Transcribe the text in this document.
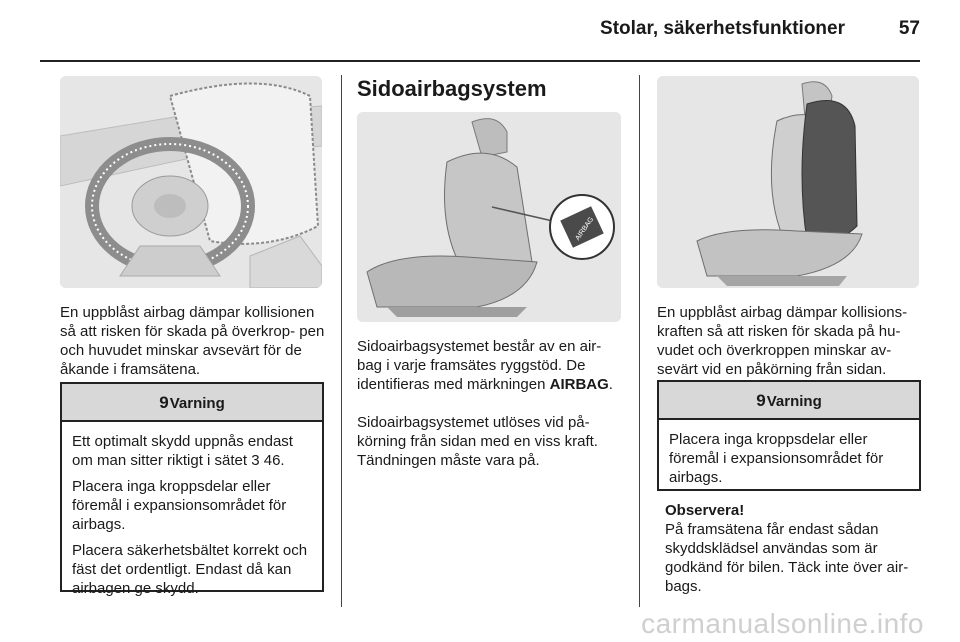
Stolar, säkerhetsfunktioner	57

En uppblåst airbag dämpar kollisionen så att risken för skada på överkrop- pen och huvudet minskar avsevärt för de åkande i framsätena.

9Varning

Ett optimalt skydd uppnås endast om man sitter riktigt i sätet 3 46.

Placera inga kroppsdelar eller föremål i expansionsområdet för airbags.

Placera säkerhetsbältet korrekt och fäst det ordentligt. Endast då kan airbagen ge skydd.

Sidoairbagsystem
AIRBAG

Sidoairbagsystemet består av en air- bag i varje framsätes ryggstöd. De identifieras med märkningen AIRBAG.

Sidoairbagsystemet utlöses vid på- körning från sidan med en viss kraft. Tändningen måste vara på.

En uppblåst airbag dämpar kollisions- kraften så att risken för skada på hu- vudet och överkroppen minskar av- sevärt vid en påkörning från sidan.

9Varning

Placera inga kroppsdelar eller föremål i expansionsområdet för airbags.

Observera!
På framsätena får endast sådan skyddsklädsel användas som är godkänd för bilen. Täck inte över air- bags.
carmanualsonline.info
